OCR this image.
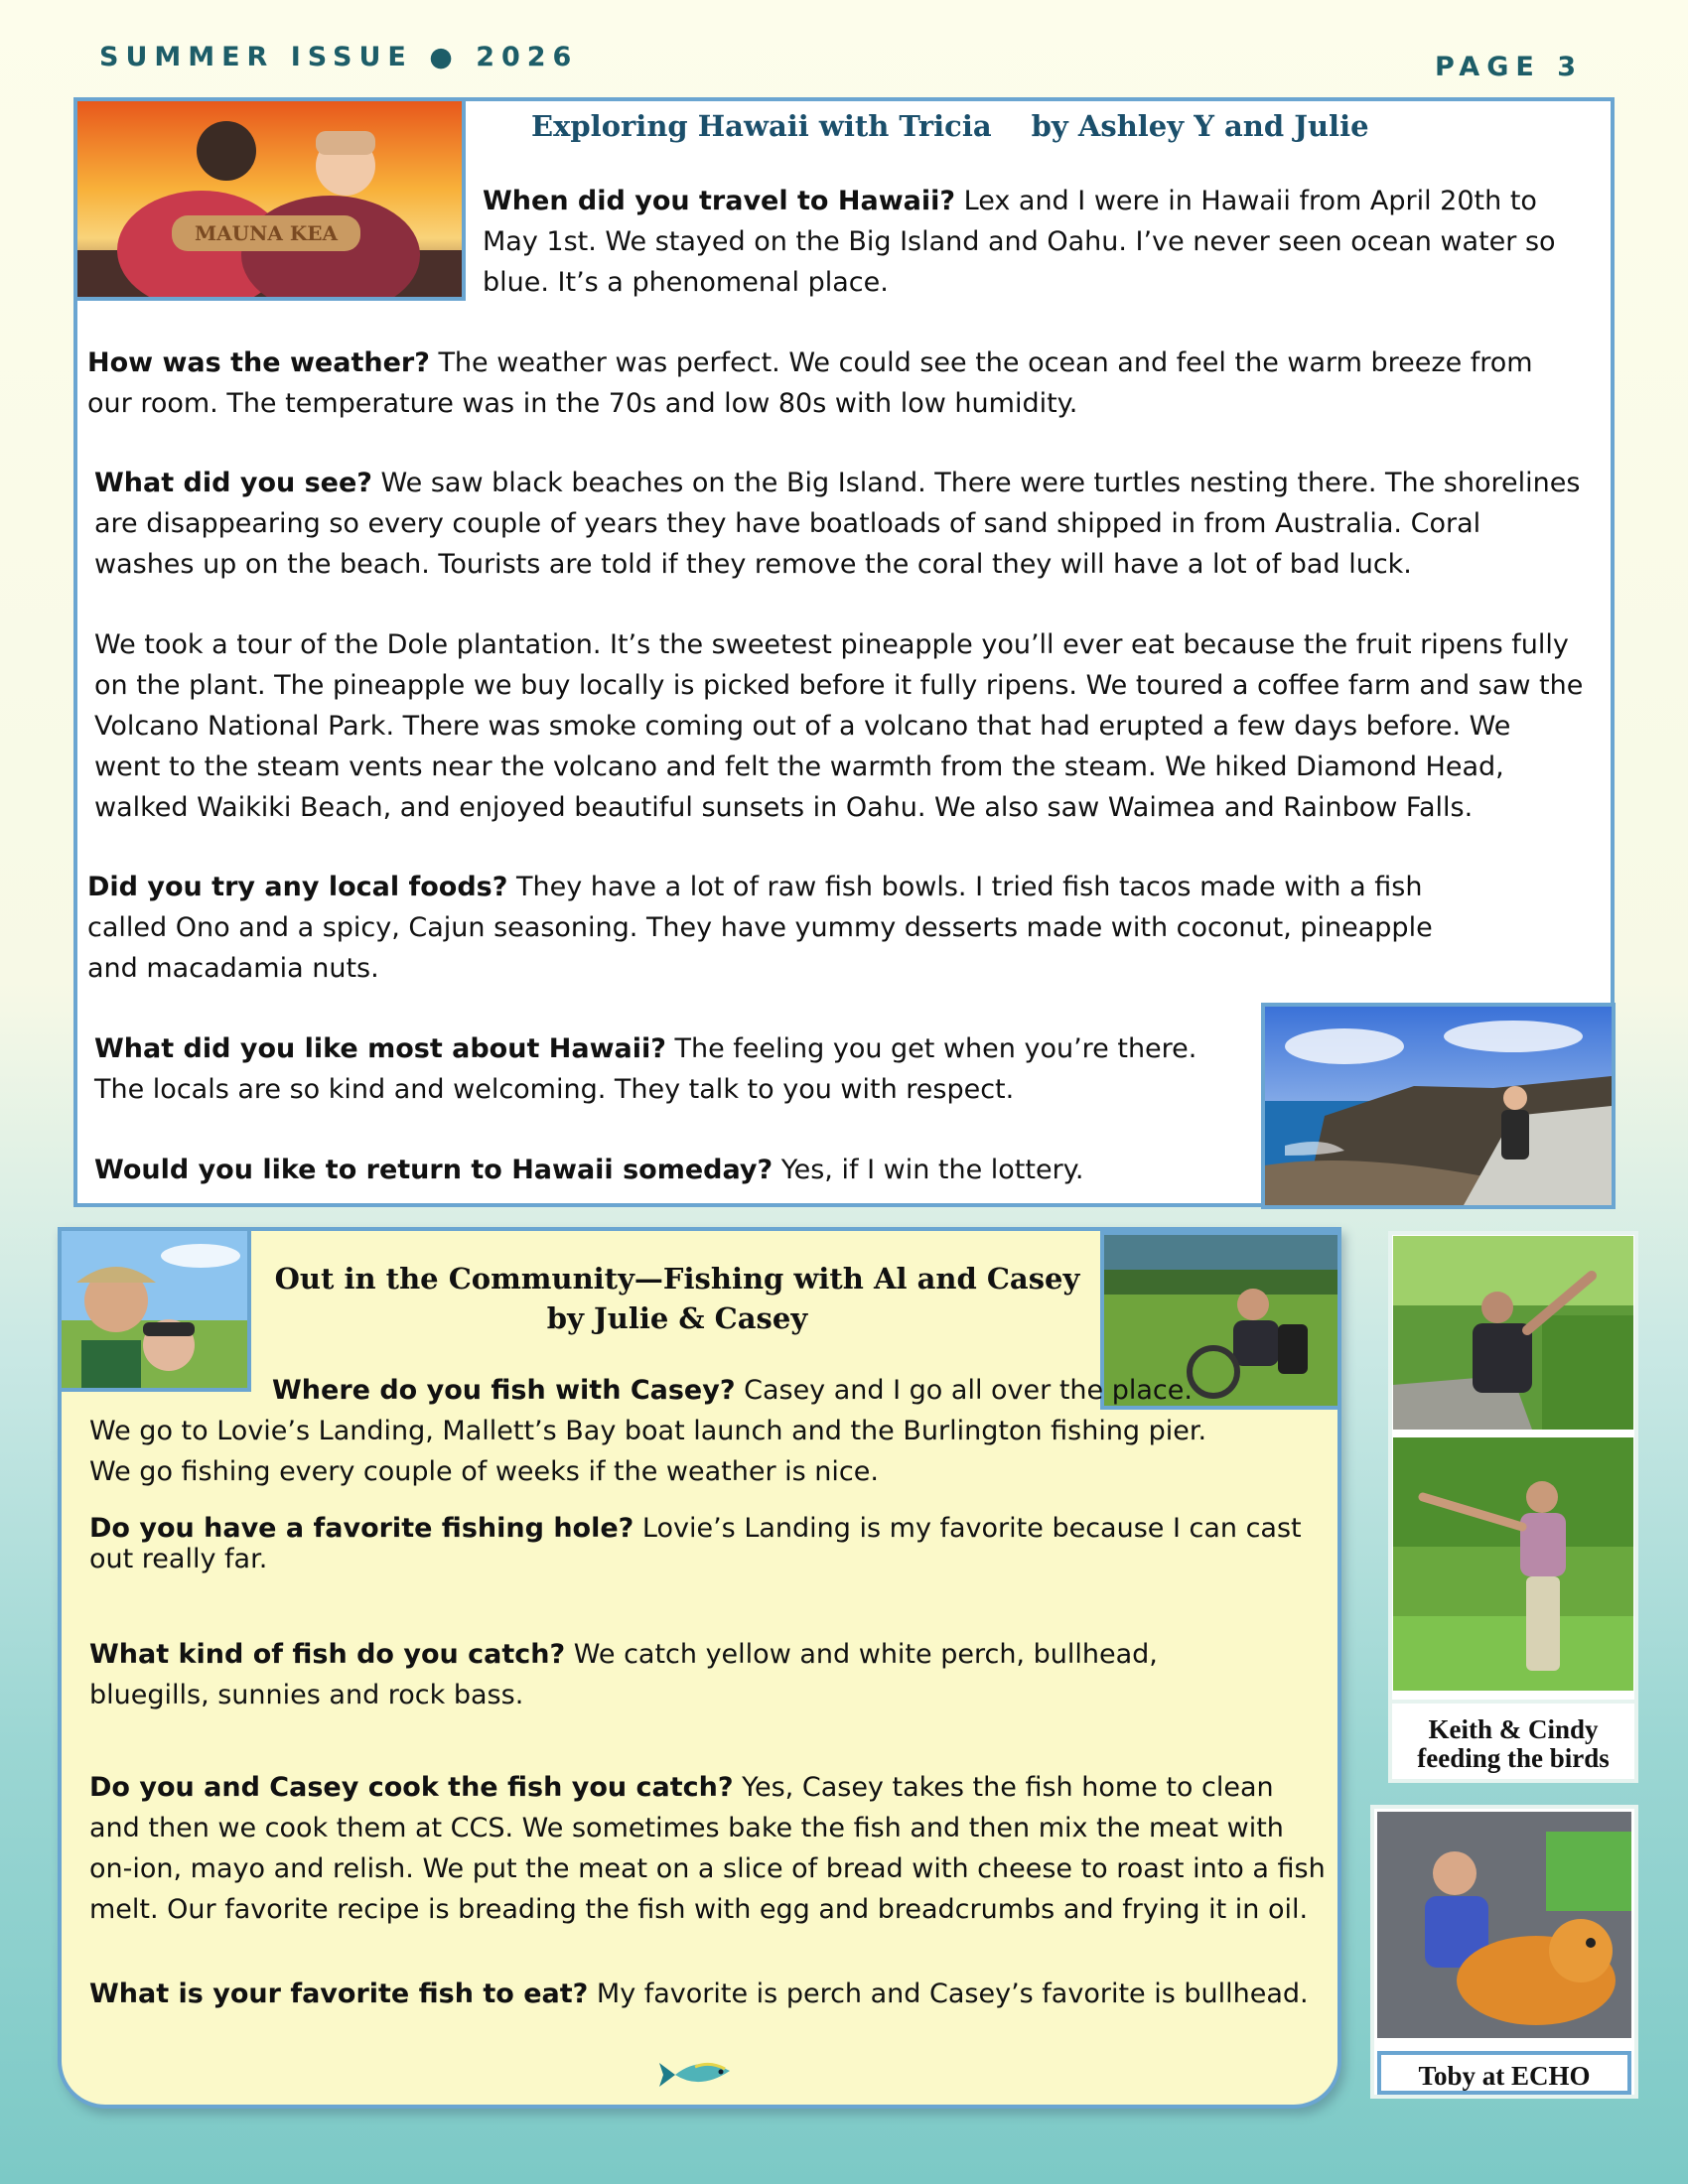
SUMMER ISSUE ● 2026	PAGE 3
MAUNA KEA
Exploring Hawaii with Tricia by Ashley Y and Julie
When did you travel to Hawaii? Lex and I were in Hawaii from April 20th to May 1st. We stayed on the Big Island and Oahu. I’ve never seen ocean water so blue. It’s a phenomenal place.
How was the weather? The weather was perfect. We could see the ocean and feel the warm breeze from our room. The temperature was in the 70s and low 80s with low humidity.
What did you see? We saw black beaches on the Big Island. There were turtles nesting there. The shorelines are disappearing so every couple of years they have boatloads of sand shipped in from Australia. Coral washes up on the beach. Tourists are told if they remove the coral they will have a lot of bad luck.
We took a tour of the Dole plantation. It’s the sweetest pineapple you’ll ever eat because the fruit ripens fully on the plant. The pineapple we buy locally is picked before it fully ripens. We toured a coffee farm and saw the Volcano National Park. There was smoke coming out of a volcano that had erupted a few days before. We went to the steam vents near the volcano and felt the warmth from the steam. We hiked Diamond Head, walked Waikiki Beach, and enjoyed beautiful sunsets in Oahu. We also saw Waimea and Rainbow Falls.
Did you try any local foods? They have a lot of raw fish bowls. I tried fish tacos made with a fish called Ono and a spicy, Cajun seasoning. They have yummy desserts made with coconut, pineapple and macadamia nuts.
What did you like most about Hawaii? The feeling you get when you’re there. The locals are so kind and welcoming. They talk to you with respect.
Would you like to return to Hawaii someday? Yes, if I win the lottery.
Out in the Community—Fishing with Al and Casey
by Julie & Casey
Where do you fish with Casey? Casey and I go all over the place. We go to Lovie’s Landing, Mallett’s Bay boat launch and the Burlington fishing pier. We go fishing every couple of weeks if the weather is nice.
Do you have a favorite fishing hole? Lovie’s Landing is my favorite because I can cast out really far.
What kind of fish do you catch? We catch yellow and white perch, bullhead, bluegills, sunnies and rock bass.
Do you and Casey cook the fish you catch? Yes, Casey takes the fish home to clean and then we cook them at CCS. We sometimes bake the fish and then mix the meat with on-ion, mayo and relish. We put the meat on a slice of bread with cheese to roast into a fish melt. Our favorite recipe is breading the fish with egg and breadcrumbs and frying it in oil.
What is your favorite fish to eat? My favorite is perch and Casey’s favorite is bullhead.
Keith & Cindy feeding the birds
Toby at ECHO
